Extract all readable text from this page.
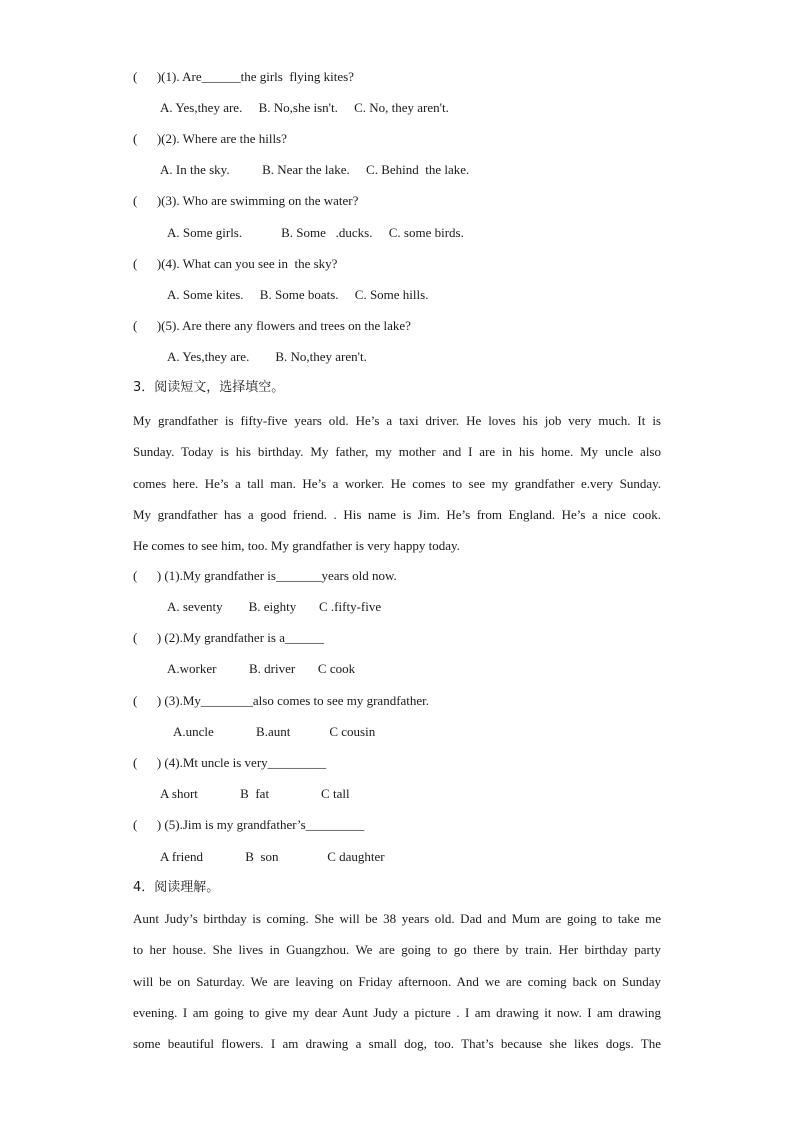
(      )(1). Are______the girls  flying kites?
A. Yes,they are.     B. No,she isn't.     C. No, they aren't.
(      )(2). Where are the hills?
A. In the sky.          B. Near the lake.     C. Behind  the lake.
(      )(3). Who are swimming on the water?
A. Some girls.            B. Some   .ducks.     C. some birds.
(      )(4). What can you see in  the sky?
A. Some kites.     B. Some boats.     C. Some hills.
(      )(5). Are there any flowers and trees on the lake?
A. Yes,they are.        B. No,they aren't.
3．阅读短文，选择填空。
My grandfather is fifty-five years old. He’s a taxi driver. He loves his job very much. It is
Sunday. Today is his birthday. My father, my mother and I are in his home. My uncle also
comes here. He’s a tall man. He’s a worker. He comes to see my grandfather e.very Sunday.
My grandfather has a good friend. . His name is Jim. He’s from England. He’s a nice cook.
He comes to see him, too. My grandfather is very happy today.
(      ) (1).My grandfather is_______years old now.
A. seventy        B. eighty       C .fifty-five
(      ) (2).My grandfather is a______
A.worker          B. driver       C cook
(      ) (3).My________also comes to see my grandfather.
A.uncle             B.aunt            C cousin
(      ) (4).Mt uncle is very_________
A short             B  fat                C tall
(      ) (5).Jim is my grandfather’s_________
A friend             B  son               C daughter
4．阅读理解。
Aunt Judy’s birthday is coming. She will be 38 years old. Dad and Mum are going to take me
to her house. She lives in Guangzhou. We are going to go there by train. Her birthday party
will be on Saturday. We are leaving on Friday afternoon. And we are coming back on Sunday
evening. I am going to give my dear Aunt Judy a picture . I am drawing it now. I am drawing
some beautiful flowers. I am drawing a small dog, too. That’s because she likes dogs. The
